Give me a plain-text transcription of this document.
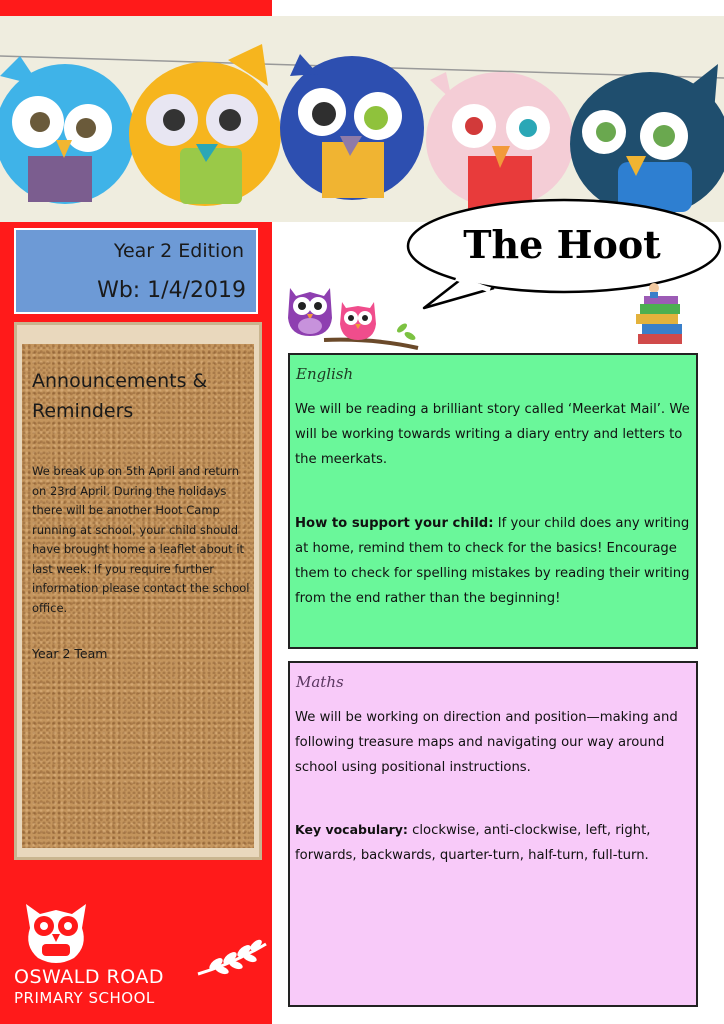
Year 2 Edition
Wb: 1/4/2019
Announcements & Reminders
We break up on 5th April and return on 23rd April. During the holidays there will be another Hoot Camp running at school, your child should have brought home a leaflet about it last week. If you require further information please contact the school office.
Year 2 Team
OSWALD ROAD
PRIMARY SCHOOL
The Hoot
English
We will be reading a brilliant story called ‘Meerkat Mail’. We will be working towards writing a diary entry and letters to the meerkats.
How to support your child: If your child does any writing at home, remind them to check for the basics! Encourage them to check for spelling mistakes by reading their writing from the end rather than the beginning!
Maths
We will be working on direction and position—making and following treasure maps and navigating our way around school using positional instructions.
Key vocabulary: clockwise, anti-clockwise, left, right, forwards, backwards, quarter-turn, half-turn, full-turn.
